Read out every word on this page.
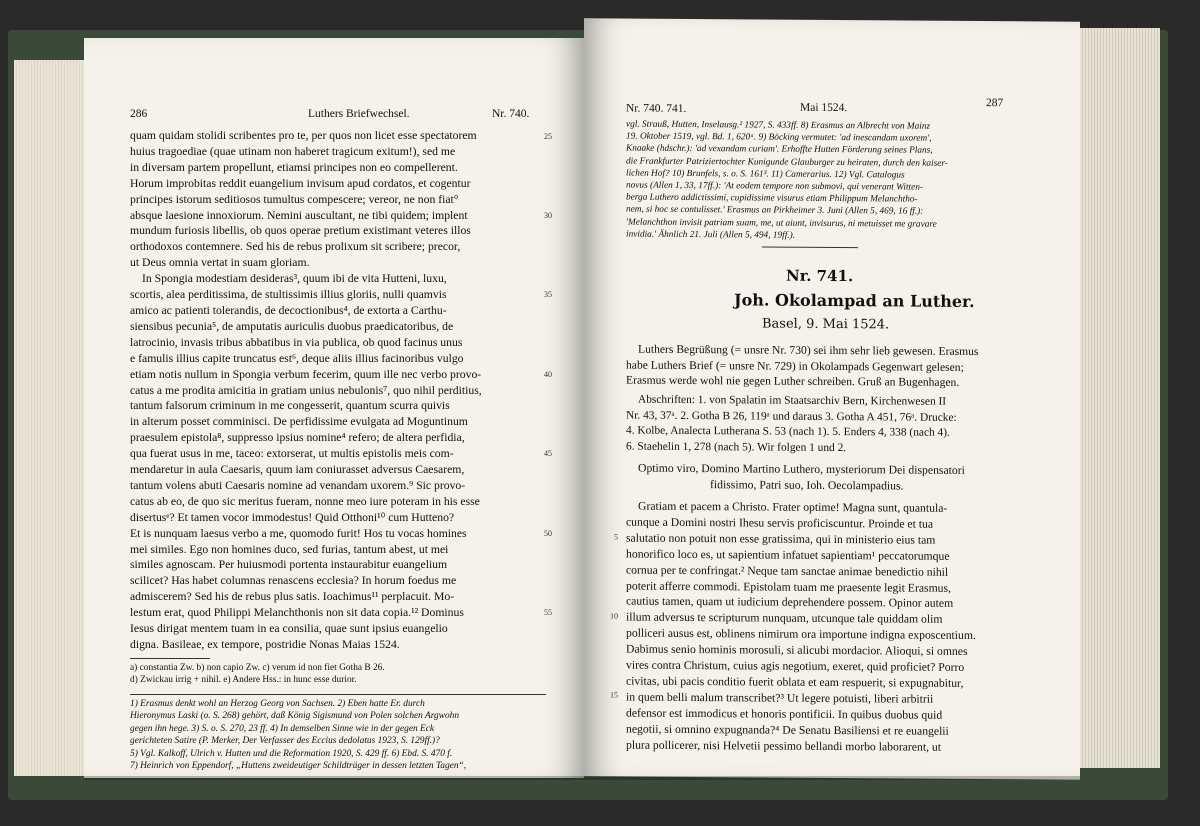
286	Luthers Briefwechsel.	Nr. 740.
quam quidam stolidi scribentes pro te, per quos non licet esse spectatorem
huius tragoediae (quae utinam non haberet tragicum exitum!), sed me
in diversam partem propellunt, etiamsi principes non eo compellerent.
Horum improbitas reddit euangelium invisum apud cordatos, et cogentur
principes istorum seditiosos tumultus compescere; vereor, ne non fiat°
absque laesione innoxiorum. Nemini auscultant, ne tibi quidem; implent
mundum furiosis libellis, ob quos operae pretium existimant veteres illos
orthodoxos contemnere. Sed his de rebus prolixum sit scribere; precor,
ut Deus omnia vertat in suam gloriam.
In Spongia modestiam desideras³, quum ibi de vita Hutteni, luxu,
scortis, alea perditissima, de stultissimis illius gloriis, nulli quamvis
amico ac patienti tolerandis, de decoctionibus⁴, de extorta a Carthu-
siensibus pecunia⁵, de amputatis auriculis duobus praedicatoribus, de
latrocinio, invasis tribus abbatibus in via publica, ob quod facinus unus
e famulis illius capite truncatus est⁶, deque aliis illius facinoribus vulgo
etiam notis nullum in Spongia verbum fecerim, quum ille nec verbo provo-
catus a me prodita amicitia in gratiam unius nebulonis⁷, quo nihil perditius,
tantum falsorum criminum in me congesserit, quantum scurra quivis
in alterum posset comminisci. De perfidissime evulgata ad Moguntinum
praesulem epistola⁸, suppresso ipsius nomine⁴ refero; de altera perfidia,
qua fuerat usus in me, taceo: extorserat, ut multis epistolis meis com-
mendaretur in aula Caesaris, quum iam coniurasset adversus Caesarem,
tantum volens abuti Caesaris nomine ad venandam uxorem.⁹ Sic provo-
catus ab eo, de quo sic meritus fueram, nonne meo iure poteram in his esse
disertusᵉ? Et tamen vocor immodestus! Quid Otthoni¹⁰ cum Hutteno?
Et is nunquam laesus verbo a me, quomodo furit! Hos tu vocas homines
mei similes. Ego non homines duco, sed furias, tantum abest, ut mei
similes agnoscam. Per huiusmodi portenta instaurabitur euangelium
scilicet? Has habet columnas renascens ecclesia? In horum foedus me
admiscerem? Sed his de rebus plus satis. Ioachimus¹¹ perplacuit. Mo-
lestum erat, quod Philippi Melanchthonis non sit data copia.¹² Dominus
Iesus dirigat mentem tuam in ea consilia, quae sunt ipsius euangelio
digna. Basileae, ex tempore, postridie Nonas Maias 1524.
25
30
35
40
45
50
55
a) constantia Zw. b) non capio Zw. c) verum id non fiet Gotha B 26.
d) Zwickau irrig + nihil. e) Andere Hss.: in hunc esse durior.
1) Erasmus denkt wohl an Herzog Georg von Sachsen. 2) Eben hatte Er. durch
Hieronymus Laski (o. S. 268) gehört, daß König Sigismund von Polen solchen Argwohn
gegen ihn hege. 3) S. o. S. 270, 23 ff. 4) In demselben Sinne wie in der gegen Eck
gerichteten Satire (P. Merker, Der Verfasser des Eccius dedolatus 1923, S. 129ff.)?
5) Vgl. Kalkoff, Ulrich v. Hutten und die Reformation 1920, S. 429 ff. 6) Ebd. S. 470 f.
7) Heinrich von Eppendorf, „Huttens zweideutiger Schildträger in dessen letzten Tagen“,
Nr. 740. 741.	Mai 1524.	287
vgl. Strauß, Hutten, Inselausg.² 1927, S. 433ff. 8) Erasmus an Albrecht von Mainz
19. Oktober 1519, vgl. Bd. 1, 620ᵃ. 9) Böcking vermutet: 'ad inescandam uxorem',
Knaake (hdschr.): 'ad vexandam curiam'. Erhoffte Hutten Förderung seines Plans,
die Frankfurter Patriziertochter Kunigunde Glauburger zu heiraten, durch den kaiser-
lichen Hof? 10) Brunfels, s. o. S. 161³. 11) Camerarius. 12) Vgl. Catalogus
novus (Allen 1, 33, 17ff.): 'At eodem tempore non submovi, qui venerant Witten-
berga Luthero addictissimi, cupidissime visurus etiam Philippum Melanchtho-
nem, si hoc se contulisset.' Erasmus an Pirkheimer 3. Juni (Allen 5, 469, 16 ff.):
'Melanchthon invisit patriam suam, me, ut aiunt, invisurus, ni metuisset me gravare
invidia.' Ähnlich 21. Juli (Allen 5, 494, 19ff.).
Nr. 741.
Joh. Okolampad an Luther.
Basel, 9. Mai 1524.
Luthers Begrüßung (= unsre Nr. 730) sei ihm sehr lieb gewesen. Erasmus
habe Luthers Brief (= unsre Nr. 729) in Okolampads Gegenwart gelesen;
Erasmus werde wohl nie gegen Luther schreiben. Gruß an Bugenhagen.
Abschriften: 1. von Spalatin im Staatsarchiv Bern, Kirchenwesen II
Nr. 43, 37ᵃ. 2. Gotha B 26, 119ᵃ und daraus 3. Gotha A 451, 76ᵃ. Drucke:
4. Kolbe, Analecta Lutherana S. 53 (nach 1). 5. Enders 4, 338 (nach 4).
6. Staehelin 1, 278 (nach 5). Wir folgen 1 und 2.
Optimo viro, Domino Martino Luthero, mysteriorum Dei dispensatori
fidissimo, Patri suo, Ioh. Oecolampadius.
Gratiam et pacem a Christo. Frater optime! Magna sunt, quantula-
cunque a Domini nostri Ihesu servis proficiscuntur. Proinde et tua
salutatio non potuit non esse gratissima, qui in ministerio eius tam
honorifico loco es, ut sapientium infatuet sapientiam¹ peccatorumque
cornua per te confringat.² Neque tam sanctae animae benedictio nihil
poterit afferre commodi. Epistolam tuam me praesente legit Erasmus,
cautius tamen, quam ut iudicium deprehendere possem. Opinor autem
illum adversus te scripturum nunquam, utcunque tale quiddam olim
polliceri ausus est, oblinens nimirum ora importune indigna exposcentium.
Dabimus senio hominis morosuli, si alicubi mordacior. Alioqui, si omnes
vires contra Christum, cuius agis negotium, exeret, quid proficiet? Porro
civitas, ubi pacis conditio fuerit oblata et eam respuerit, si expugnabitur,
in quem belli malum transcribet?³ Ut legere potuisti, liberi arbitrii
defensor est immodicus et honoris pontificii. In quibus duobus quid
negotii, si omnino expugnanda?⁴ De Senatu Basiliensi et re euangelii
plura pollicerer, nisi Helvetii pessimo bellandi morbo laborarent, ut
5
10
15
